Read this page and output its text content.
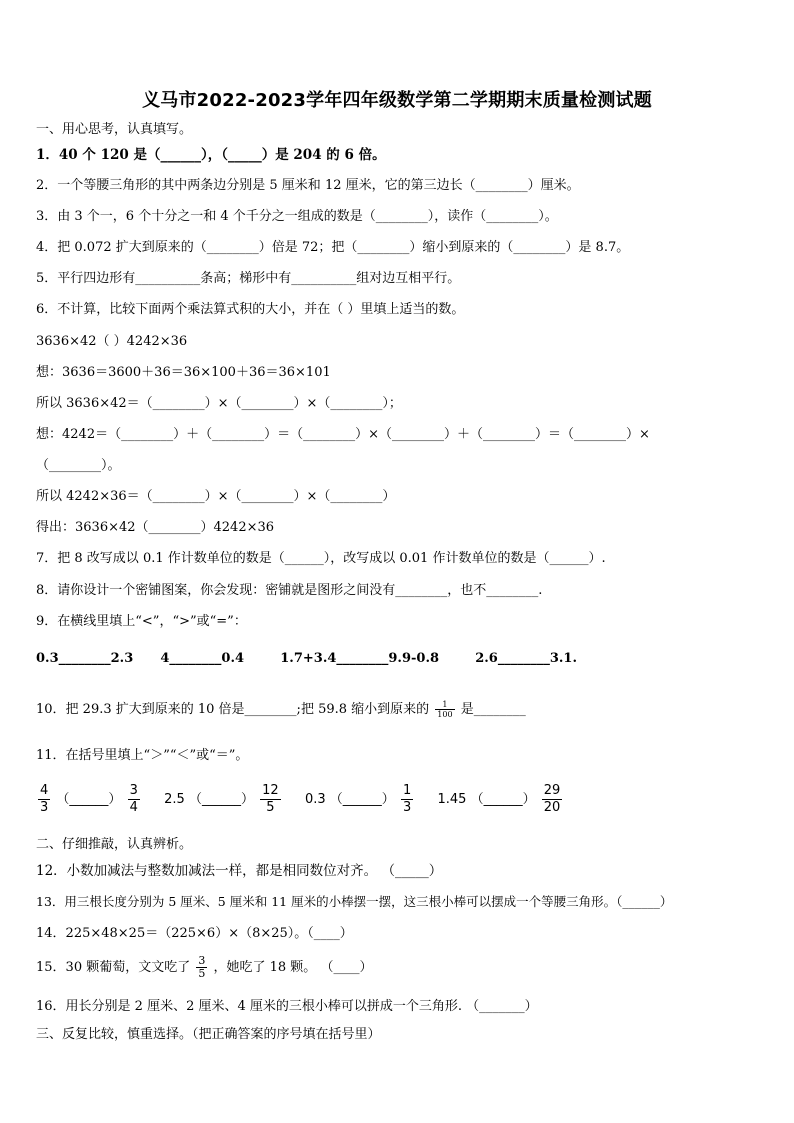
义马市2022-2023学年四年级数学第二学期期末质量检测试题
一、用心思考，认真填写。
1．40 个 120 是（______），（_____）是 204 的 6 倍。
2．一个等腰三角形的其中两条边分别是 5 厘米和 12 厘米，它的第三边长（________）厘米。
3．由 3 个一，6 个十分之一和 4 个千分之一组成的数是（________），读作（________）。
4．把 0.072 扩大到原来的（________）倍是 72；把（________）缩小到原来的（________）是 8.7。
5．平行四边形有__________条高；梯形中有__________组对边互相平行。
6．不计算，比较下面两个乘法算式积的大小，并在（ ）里填上适当的数。
3636×42（ ）4242×36
想：3636＝3600＋36＝36×100＋36＝36×101
所以 3636×42＝（________）×（________）×（________）；
想：4242＝（________）＋（________）＝（________）×（________）＋（________）＝（________）×
（________）。
所以 4242×36＝（________）×（________）×（________）
得出：3636×42（________）4242×36
7．把 8 改写成以 0.1 作计数单位的数是（______），改写成以 0.01 作计数单位的数是（______）.
8．请你设计一个密铺图案，你会发现：密铺就是图形之间没有________，也不________.
9．在横线里填上“<”，“>”或“=”：
0.3________2.3      4________0.4        1.7+3.4________9.9-0.8        2.6________3.1.
10．把 29.3 扩大到原来的 10 倍是________;把 59.8 缩小到原来的 $\frac{1}{100}$ 是________
11．在括号里填上“＞”“＜”或“＝”。
$\frac{4}{3}$ （______） $\frac{3}{4} 2.5$ （______） $\frac{12}{5} 0.3$ （______） $\frac{1}{3} 1.45$ （______） $\frac{29}{20}$
二、仔细推敲，认真辨析。
12．小数加减法与整数加减法一样，都是相同数位对齐。 （_____）
13．用三根长度分别为 5 厘米、5 厘米和 11 厘米的小棒摆一摆，这三根小棒可以摆成一个等腰三角形。（______）
14．225×48×25＝（225×6）×（8×25）。（____）
15．30 颗葡萄，文文吃了 $\frac{3}{5}$ ，她吃了 18 颗。 （____）
16．用长分别是 2 厘米、2 厘米、4 厘米的三根小棒可以拼成一个三角形. （_______）
三、反复比较，慎重选择。（把正确答案的序号填在括号里）
